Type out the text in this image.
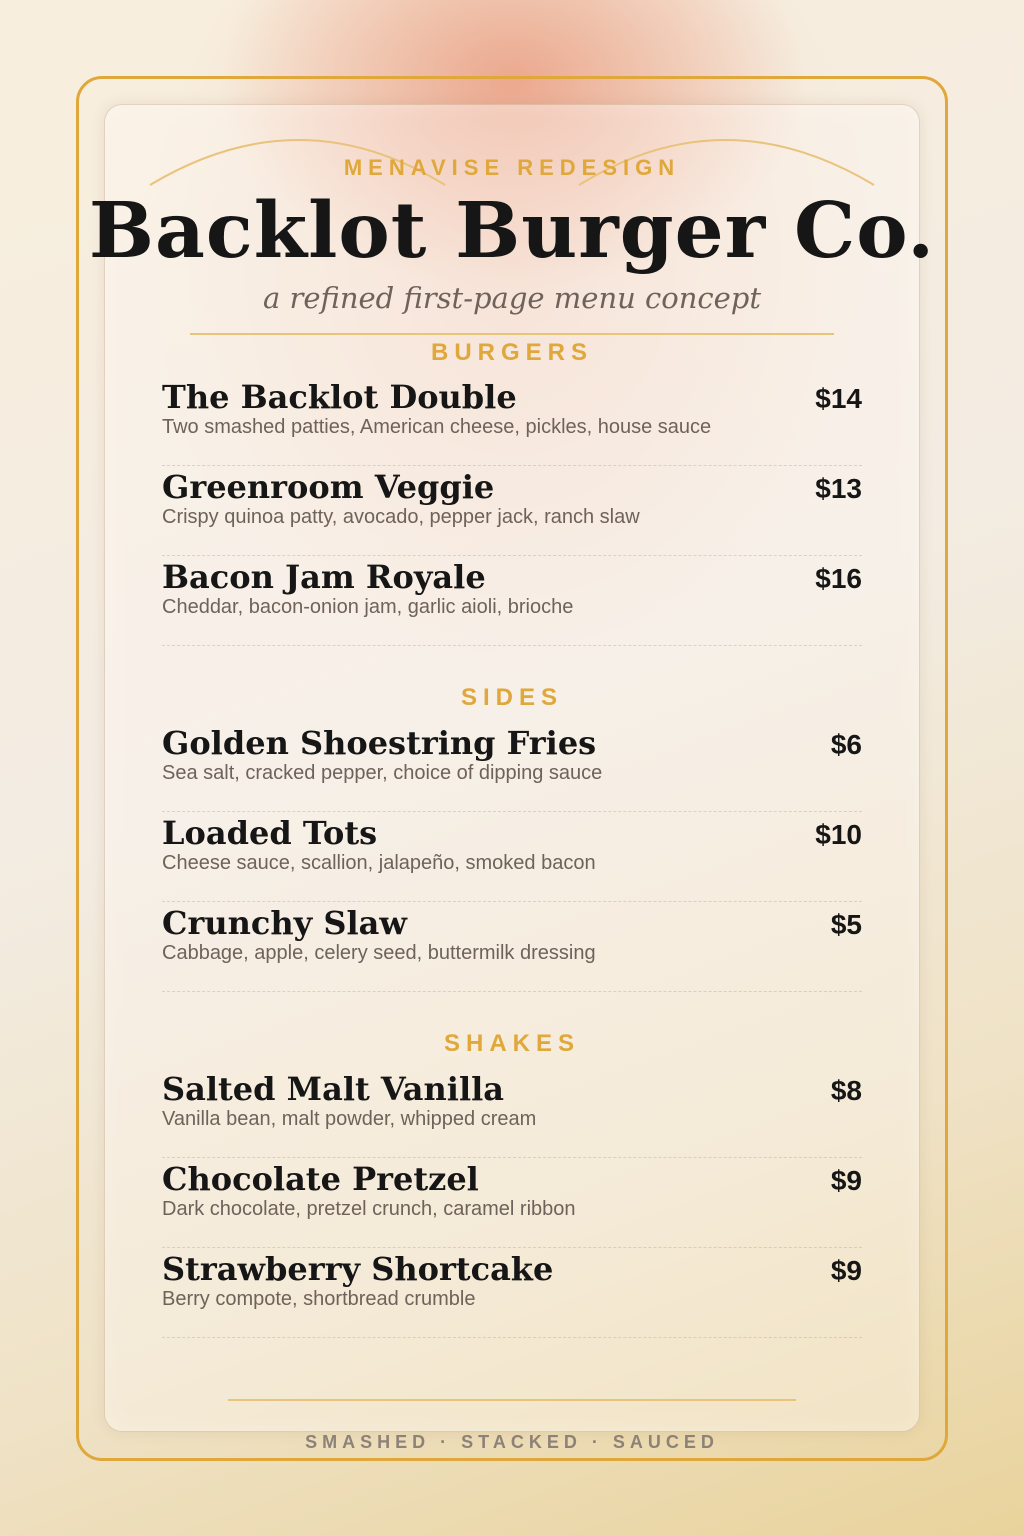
MENAVISE REDESIGN
Backlot Burger Co.
a refined first-page menu concept
BURGERS
The Backlot Double	$14
Two smashed patties, American cheese, pickles, house sauce
Greenroom Veggie	$13
Crispy quinoa patty, avocado, pepper jack, ranch slaw
Bacon Jam Royale	$16
Cheddar, bacon-onion jam, garlic aioli, brioche
SIDES
Golden Shoestring Fries	$6
Sea salt, cracked pepper, choice of dipping sauce
Loaded Tots	$10
Cheese sauce, scallion, jalapeño, smoked bacon
Crunchy Slaw	$5
Cabbage, apple, celery seed, buttermilk dressing
SHAKES
Salted Malt Vanilla	$8
Vanilla bean, malt powder, whipped cream
Chocolate Pretzel	$9
Dark chocolate, pretzel crunch, caramel ribbon
Strawberry Shortcake	$9
Berry compote, shortbread crumble
SMASHED · STACKED · SAUCED
